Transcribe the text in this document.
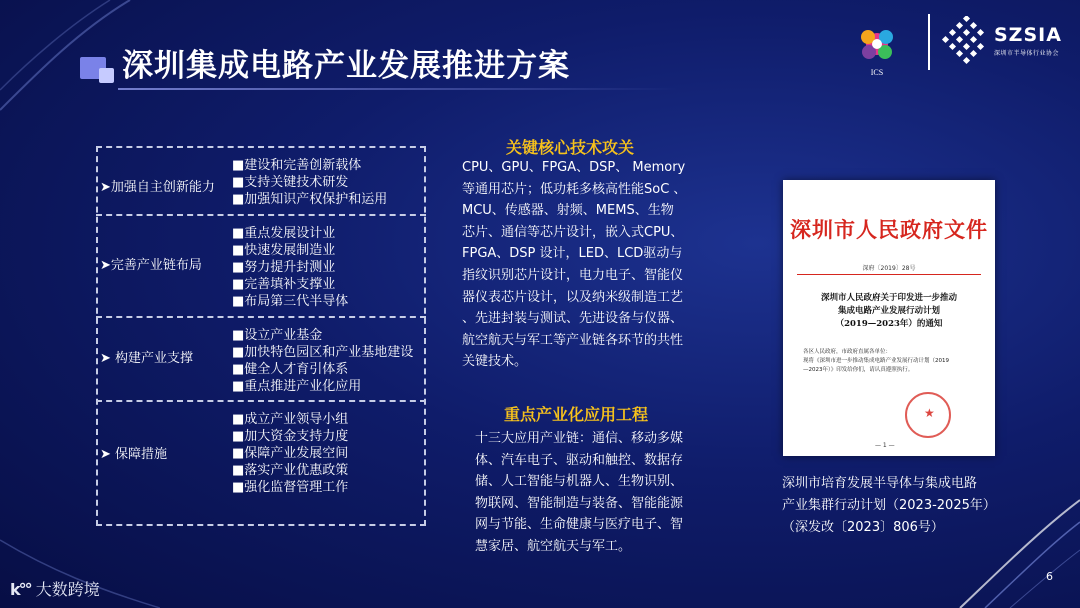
深圳集成电路产业发展推进方案	ICS
SZSIA
深圳市半导体行业协会
➤加强自主创新能力
■建设和完善创新载体
■支持关键技术研发
■加强知识产权保护和运用
➤完善产业链布局
■重点发展设计业
■快速发展制造业
■努力提升封测业
■完善填补支撑业
■布局第三代半导体
➤ 构建产业支撑
■设立产业基金
■加快特色园区和产业基地建设
■健全人才育引体系
■重点推进产业化应用
➤ 保障措施
■成立产业领导小组
■加大资金支持力度
■保障产业发展空间
■落实产业优惠政策
■强化监督管理工作
关键核心技术攻关
CPU、GPU、FPGA、DSP、 Memory
等通用芯片；低功耗多核高性能SoC 、
MCU、传感器、射频、MEMS、生物
芯片、通信等芯片设计，嵌入式CPU、
FPGA、DSP 设计，LED、LCD驱动与
指纹识别芯片设计，电力电子、智能仪
器仪表芯片设计，以及纳米级制造工艺
、先进封装与测试、先进设备与仪器、
航空航天与军工等产业链各环节的共性
关键技术。
重点产业化应用工程
十三大应用产业链：通信、移动多媒
体、汽车电子、驱动和触控、数据存
储、人工智能与机器人、生物识别、
物联网、智能制造与装备、智能能源
网与节能、生命健康与医疗电子、智
慧家居、航空航天与军工。
深圳市人民政府文件
深府〔2019〕28号
深圳市人民政府关于印发进一步推动
集成电路产业发展行动计划
（2019—2023年）的通知
各区人民政府，市政府直属各单位：
现将《深圳市进一步推动集成电路产业发展行动计划（2019
—2023年）》印发给你们，请认真遵照执行。
— 1 —
★
深圳市培育发展半导体与集成电路
产业集群行动计划（2023-2025年）
（深发改〔2023〕806号）
k°° 大数跨境
6
